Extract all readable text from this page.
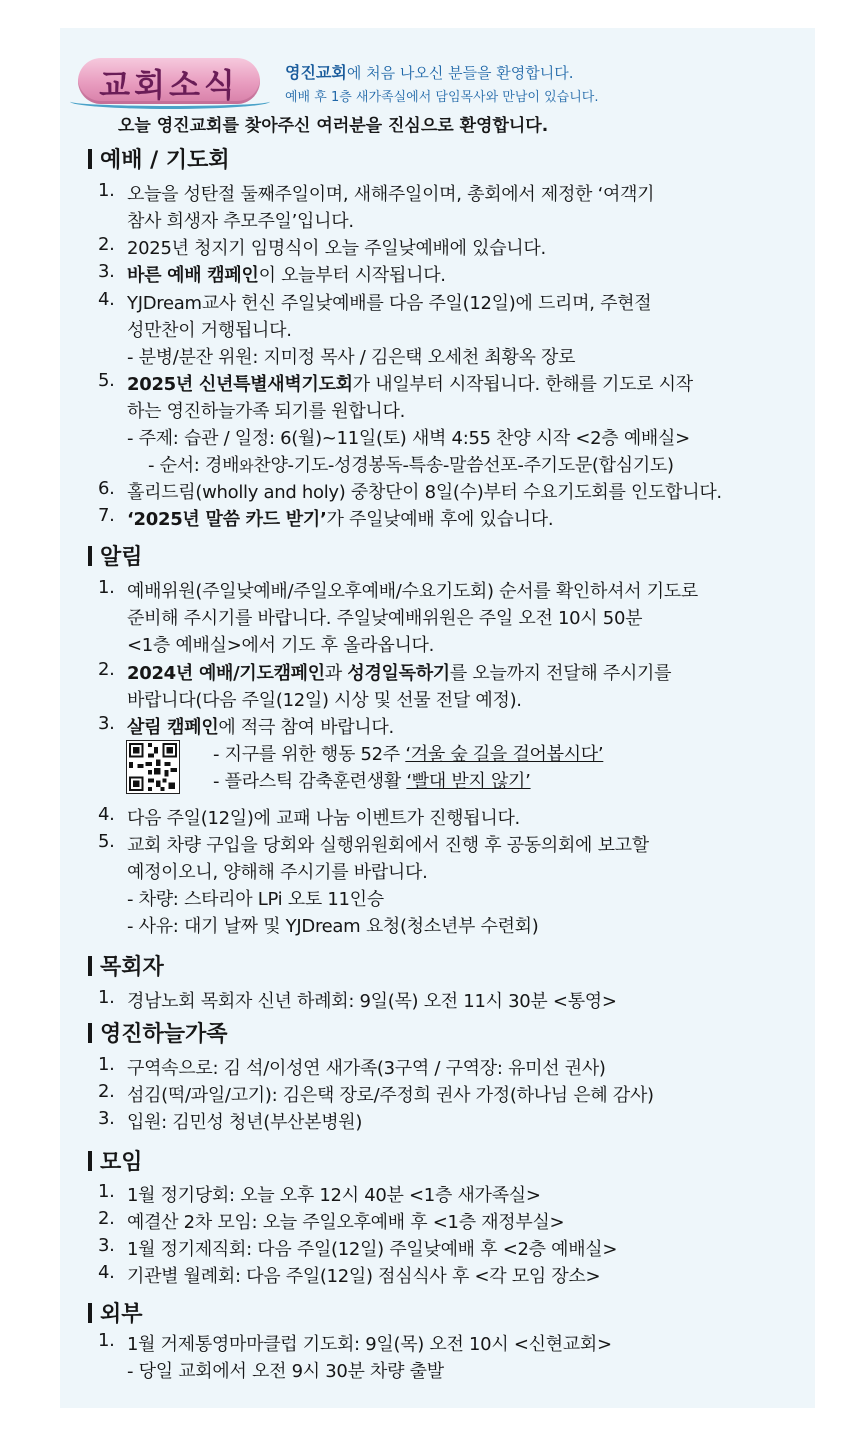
교회소식	영진교회에 처음 나오신 분들을 환영합니다.
예배 후 1층 새가족실에서 담임목사와 만남이 있습니다.
오늘 영진교회를 찾아주신 여러분을 진심으로 환영합니다.
예배 / 기도회
1. 오늘을 성탄절 둘째주일이며, 새해주일이며, 총회에서 제정한 ‘여객기
참사 희생자 추모주일’입니다.
2. 2025년 청지기 임명식이 오늘 주일낮예배에 있습니다.
3. 바른 예배 캠페인이 오늘부터 시작됩니다.
4. YJDream교사 헌신 주일낮예배를 다음 주일(12일)에 드리며, 주현절
성만찬이 거행됩니다.
- 분병/분잔 위원: 지미정 목사 / 김은택 오세천 최황옥 장로
5. 2025년 신년특별새벽기도회가 내일부터 시작됩니다. 한해를 기도로 시작
하는 영진하늘가족 되기를 원합니다.
- 주제: 습관 / 일정: 6(월)~11일(토) 새벽 4:55 찬양 시작 <2층 예배실>
- 순서: 경배와찬양-기도-성경봉독-특송-말씀선포-주기도문(합심기도)
6. 홀리드림(wholly and holy) 중창단이 8일(수)부터 수요기도회를 인도합니다.
7. ‘2025년 말씀 카드 받기’가 주일낮예배 후에 있습니다.
알림
1. 예배위원(주일낮예배/주일오후예배/수요기도회) 순서를 확인하셔서 기도로
준비해 주시기를 바랍니다. 주일낮예배위원은 주일 오전 10시 50분
<1층 예배실>에서 기도 후 올라옵니다.
2. 2024년 예배/기도캠페인과 성경일독하기를 오늘까지 전달해 주시기를
바랍니다(다음 주일(12일) 시상 및 선물 전달 예정).
3. 살림 캠페인에 적극 참여 바랍니다.
- 지구를 위한 행동 52주 ‘겨울 숲 길을 걸어봅시다’
- 플라스틱 감축훈련생활 ‘빨대 받지 않기’
4. 다음 주일(12일)에 교패 나눔 이벤트가 진행됩니다.
5. 교회 차량 구입을 당회와 실행위원회에서 진행 후 공동의회에 보고할
예정이오니, 양해해 주시기를 바랍니다.
- 차량: 스타리아 LPi 오토 11인승
- 사유: 대기 날짜 및 YJDream 요청(청소년부 수련회)
목회자
1. 경남노회 목회자 신년 하례회: 9일(목) 오전 11시 30분 <통영>
영진하늘가족
1. 구역속으로: 김 석/이성연 새가족(3구역 / 구역장: 유미선 권사)
2. 섬김(떡/과일/고기): 김은택 장로/주정희 권사 가정(하나님 은혜 감사)
3. 입원: 김민성 청년(부산본병원)
모임
1. 1월 정기당회: 오늘 오후 12시 40분 <1층 새가족실>
2. 예결산 2차 모임: 오늘 주일오후예배 후 <1층 재정부실>
3. 1월 정기제직회: 다음 주일(12일) 주일낮예배 후 <2층 예배실>
4. 기관별 월례회: 다음 주일(12일) 점심식사 후 <각 모임 장소>
외부
1. 1월 거제통영마마클럽 기도회: 9일(목) 오전 10시 <신현교회>
- 당일 교회에서 오전 9시 30분 차량 출발
